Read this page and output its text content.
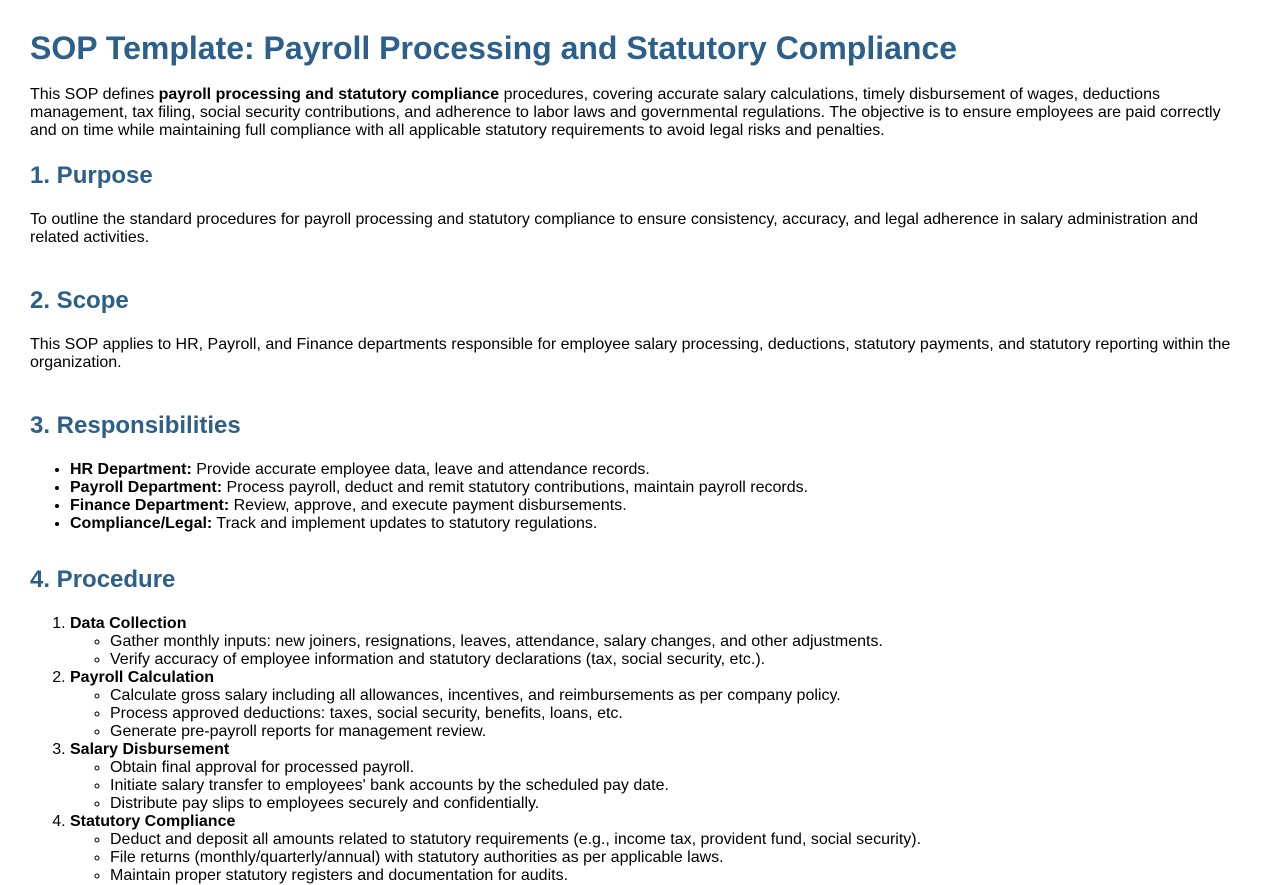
SOP Template: Payroll Processing and Statutory Compliance

This SOP defines payroll processing and statutory compliance procedures, covering accurate salary calculations, timely disbursement of wages, deductions management, tax filing, social security contributions, and adherence to labor laws and governmental regulations. The objective is to ensure employees are paid correctly and on time while maintaining full compliance with all applicable statutory requirements to avoid legal risks and penalties.

1. Purpose

To outline the standard procedures for payroll processing and statutory compliance to ensure consistency, accuracy, and legal adherence in salary administration and related activities.

2. Scope

This SOP applies to HR, Payroll, and Finance departments responsible for employee salary processing, deductions, statutory payments, and statutory reporting within the organization.

3. Responsibilities
• HR Department: Provide accurate employee data, leave and attendance records.
• Payroll Department: Process payroll, deduct and remit statutory contributions, maintain payroll records.
• Finance Department: Review, approve, and execute payment disbursements.
• Compliance/Legal: Track and implement updates to statutory regulations.
4. Procedure
1. Data Collection
◦ Gather monthly inputs: new joiners, resignations, leaves, attendance, salary changes, and other adjustments.
◦ Verify accuracy of employee information and statutory declarations (tax, social security, etc.).
2. Payroll Calculation
◦ Calculate gross salary including all allowances, incentives, and reimbursements as per company policy.
◦ Process approved deductions: taxes, social security, benefits, loans, etc.
◦ Generate pre-payroll reports for management review.
3. Salary Disbursement
◦ Obtain final approval for processed payroll.
◦ Initiate salary transfer to employees' bank accounts by the scheduled pay date.
◦ Distribute pay slips to employees securely and confidentially.
4. Statutory Compliance
◦ Deduct and deposit all amounts related to statutory requirements (e.g., income tax, provident fund, social security).
◦ File returns (monthly/quarterly/annual) with statutory authorities as per applicable laws.
◦ Maintain proper statutory registers and documentation for audits.
